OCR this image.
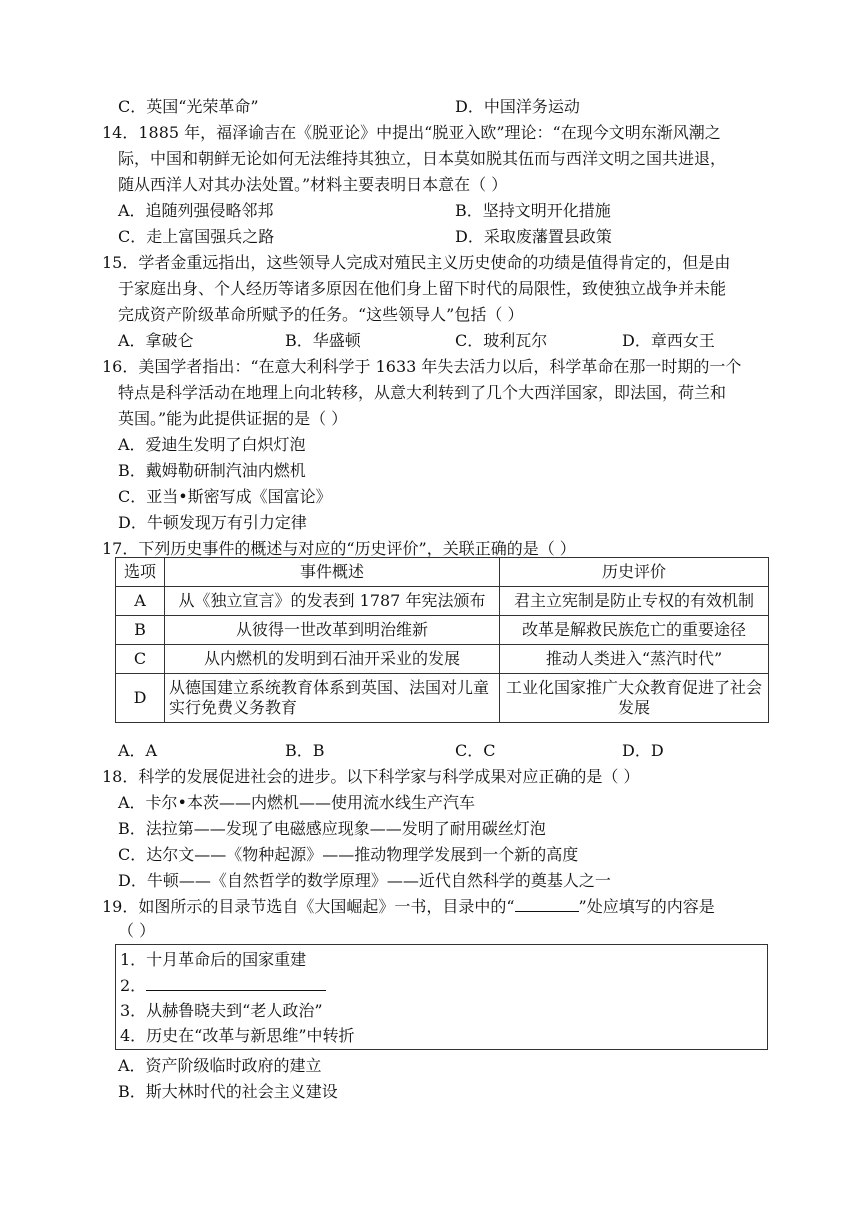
C．英国“光荣革命”	D．中国洋务运动
14．1885 年，福泽谕吉在《脱亚论》中提出“脱亚入欧”理论：“在现今文明东渐风潮之
际，中国和朝鲜无论如何无法维持其独立，日本莫如脱其伍而与西洋文明之国共进退，
随从西洋人对其办法处置。”材料主要表明日本意在（ ）
A．追随列强侵略邻邦	B．坚持文明开化措施
C．走上富国强兵之路	D．采取废藩置县政策
15．学者金重远指出，这些领导人完成对殖民主义历史使命的功绩是值得肯定的，但是由
于家庭出身、个人经历等诸多原因在他们身上留下时代的局限性，致使独立战争并未能
完成资产阶级革命所赋予的任务。“这些领导人”包括（ ）
A．拿破仑	B．华盛顿	C．玻利瓦尔	D．章西女王
16．美国学者指出：“在意大利科学于 1633 年失去活力以后，科学革命在那一时期的一个
特点是科学活动在地理上向北转移，从意大利转到了几个大西洋国家，即法国，荷兰和
英国。”能为此提供证据的是（ ）
A．爱迪生发明了白炽灯泡
B．戴姆勒研制汽油内燃机
C．亚当•斯密写成《国富论》
D．牛顿发现万有引力定律
17．下列历史事件的概述与对应的“历史评价”，关联正确的是（ ）
选项	事件概述	历史评价
A	从《独立宣言》的发表到 1787 年宪法颁布	君主立宪制是防止专权的有效机制
B	从彼得一世改革到明治维新	改革是解救民族危亡的重要途径
C	从内燃机的发明到石油开采业的发展	推动人类进入“蒸汽时代”
D	从德国建立系统教育体系到英国、法国对儿童实行免费义务教育	工业化国家推广大众教育促进了社会发展
A．A	B．B	C．C	D．D
18．科学的发展促进社会的进步。以下科学家与科学成果对应正确的是（ ）
A．卡尔•本茨——内燃机——使用流水线生产汽车
B．法拉第——发现了电磁感应现象——发明了耐用碳丝灯泡
C．达尔文——《物种起源》——推动物理学发展到一个新的高度
D．牛顿——《自然哲学的数学原理》——近代自然科学的奠基人之一
19．如图所示的目录节选自《大国崛起》一书，目录中的“	”处应填写的内容是
（ ）
1．十月革命后的国家重建
2．
3．从赫鲁晓夫到“老人政治”
4．历史在“改革与新思维”中转折
A．资产阶级临时政府的建立
B．斯大林时代的社会主义建设
